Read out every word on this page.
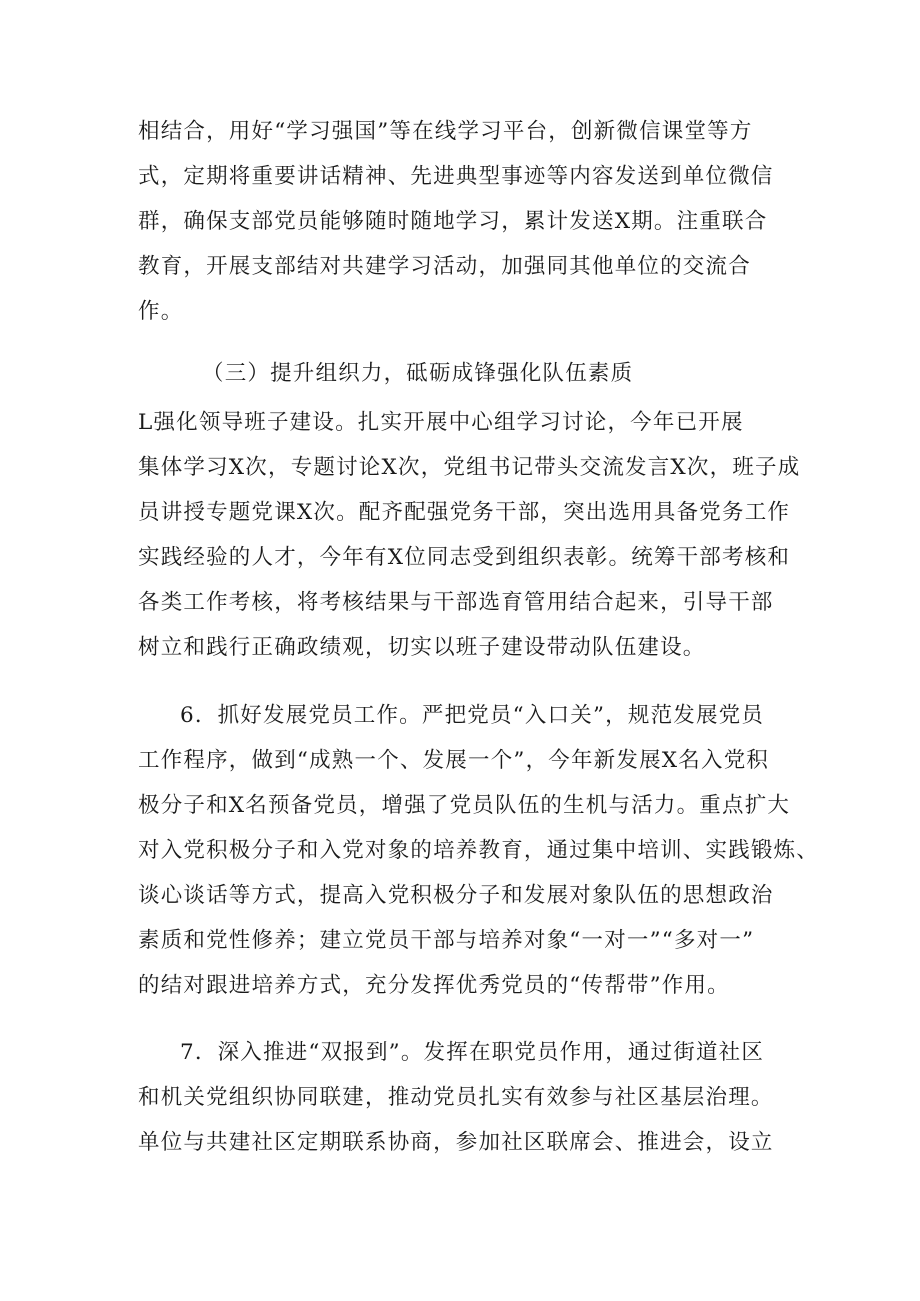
相结合，用好“学习强国”等在线学习平台，创新微信课堂等方
式，定期将重要讲话精神、先进典型事迹等内容发送到单位微信
群，确保支部党员能够随时随地学习，累计发送X期。注重联合
教育，开展支部结对共建学习活动，加强同其他单位的交流合
作。
（三）提升组织力，砥砺成锋强化队伍素质
L强化领导班子建设。扎实开展中心组学习讨论，今年已开展
集体学习X次，专题讨论X次，党组书记带头交流发言X次，班子成
员讲授专题党课X次。配齐配强党务干部，突出选用具备党务工作
实践经验的人才，今年有X位同志受到组织表彰。统筹干部考核和
各类工作考核，将考核结果与干部选育管用结合起来，引导干部
树立和践行正确政绩观，切实以班子建设带动队伍建设。
6．抓好发展党员工作。严把党员“入口关”，规范发展党员
工作程序，做到“成熟一个、发展一个”，今年新发展X名入党积
极分子和X名预备党员，增强了党员队伍的生机与活力。重点扩大
对入党积极分子和入党对象的培养教育，通过集中培训、实践锻炼、
谈心谈话等方式，提高入党积极分子和发展对象队伍的思想政治
素质和党性修养；建立党员干部与培养对象“一对一”“多对一”
的结对跟进培养方式，充分发挥优秀党员的“传帮带”作用。
7．深入推进“双报到”。发挥在职党员作用，通过街道社区
和机关党组织协同联建，推动党员扎实有效参与社区基层治理。
单位与共建社区定期联系协商，参加社区联席会、推进会，设立
